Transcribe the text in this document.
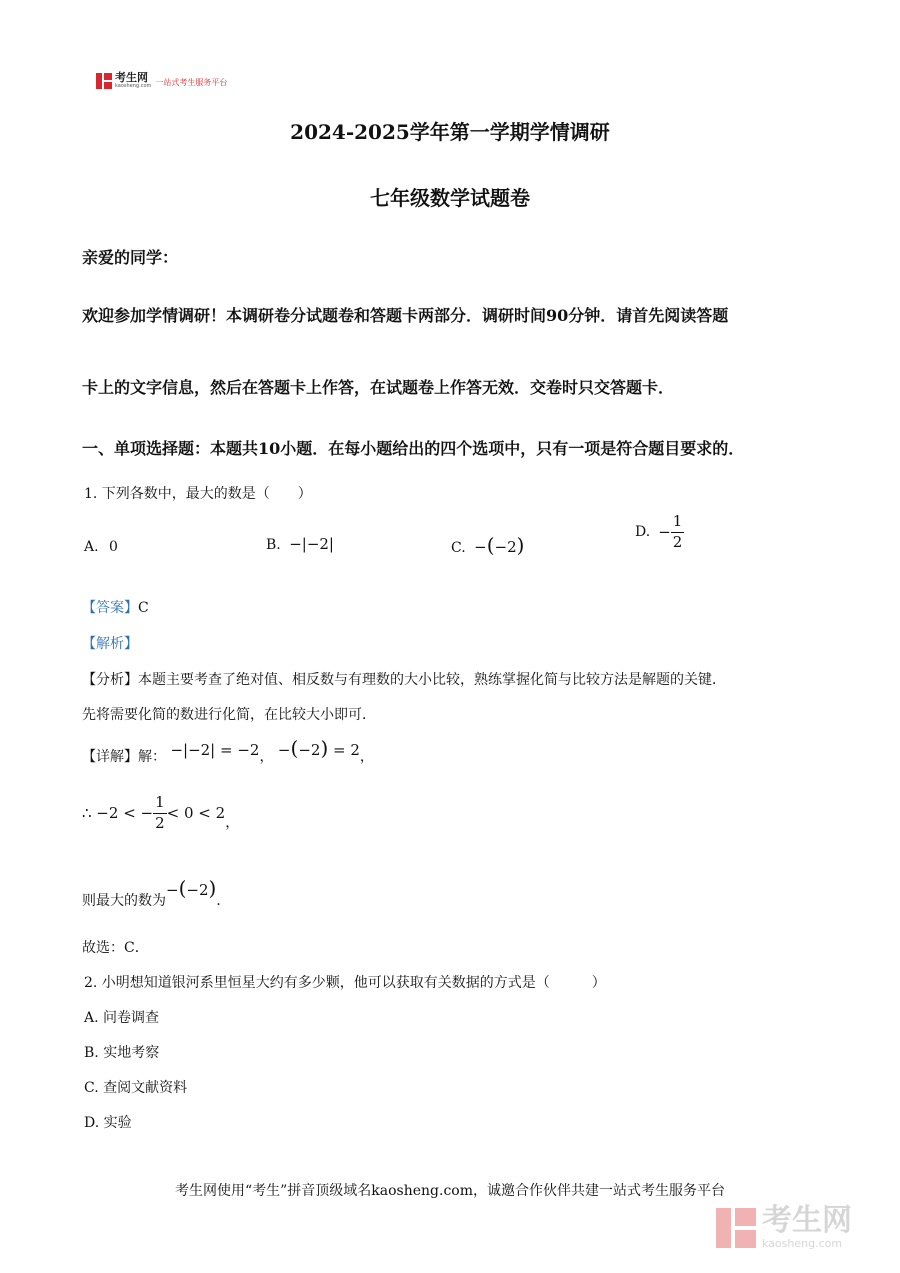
考生网
kaosheng.com 一站式考生服务平台
2024-2025学年第一学期学情调研
七年级数学试题卷
亲爱的同学：
欢迎参加学情调研！本调研卷分试题卷和答题卡两部分．调研时间90分钟．请首先阅读答题
卡上的文字信息，然后在答题卡上作答，在试题卷上作答无效．交卷时只交答题卡．
一、单项选择题：本题共10小题．在每小题给出的四个选项中，只有一项是符合题目要求的．
1. 下列各数中，最大的数是（　　）
A. 0	B. −|−2|	C. −(−2)
D. − $\frac{1}{2}$
【答案】C
【解析】
【分析】本题主要考查了绝对值、相反数与有理数的大小比较，熟练掌握化简与比较方法是解题的关键．
先将需要化简的数进行化简，在比较大小即可．
【详解】解： −|−2| = −2， −(−2) = 2，
∴ −2 < − $\frac{1}{2} < 0 < 2$
，
则最大的数为−(−2)．
故选：C．
2. 小明想知道银河系里恒星大约有多少颗，他可以获取有关数据的方式是（　　　）
A. 问卷调查
B. 实地考察
C. 查阅文献资料
D. 实验
考生网使用“考生”拼音顶级域名kaosheng.com，诚邀合作伙伴共建一站式考生服务平台
考生网
kaosheng.com
